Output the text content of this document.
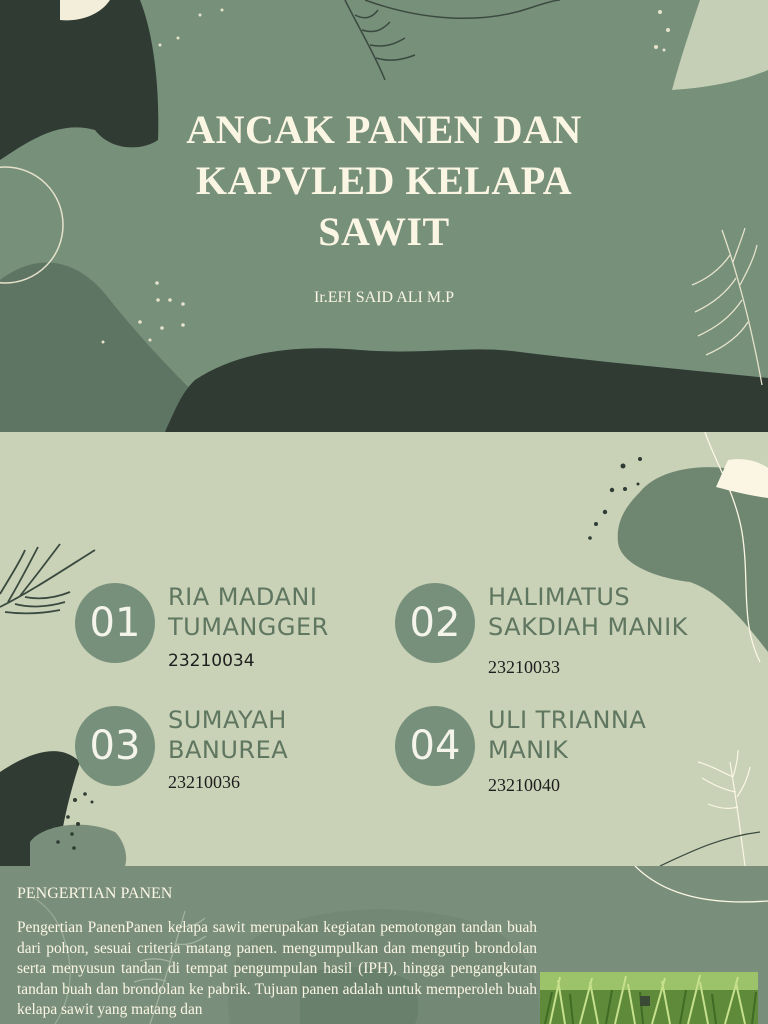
ANCAK PANEN DAN
KAPVLED KELAPA
SAWIT
Ir.EFI SAID ALI M.P
01
RIA MADANI
TUMANGGER
23210034
02
HALIMATUS
SAKDIAH MANIK
23210033
03
SUMAYAH
BANUREA
23210036
04
ULI TRIANNA
MANIK
23210040
PENGERTIAN PANEN
Pengertian PanenPanen kelapa sawit merupakan kegiatan pemotongan tandan buah dari pohon, sesuai criteria matang panen. mengumpulkan dan mengutip brondolan serta menyusun tandan di tempat pengumpulan hasil (IPH), hingga pengangkutan tandan buah dan brondolan ke pabrik. Tujuan panen adalah untuk memperoleh buah kelapa sawit yang matang dan
